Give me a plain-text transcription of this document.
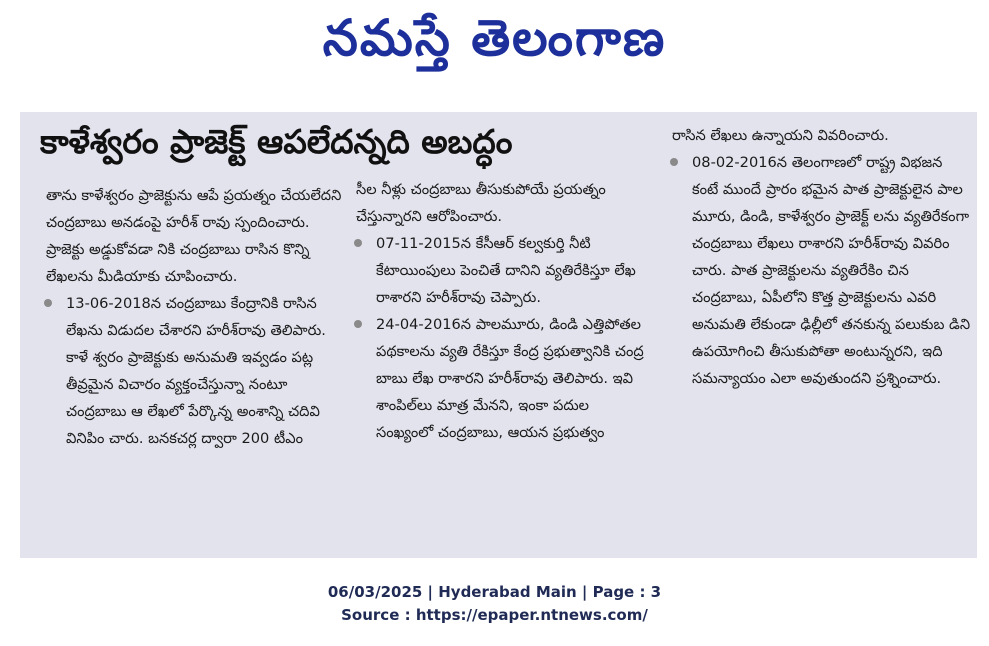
నమస్తే తెలంగాణ
కాళేశ్వరం ప్రాజెక్ట్ ఆపలేదన్నది అబద్ధం

తాను కాళేశ్వరం ప్రాజెక్టును ఆపే ప్రయత్నం చేయలేదని చంద్రబాబు అనడంపై హరీశ్ రావు స్పందించారు. ప్రాజెక్టు అడ్డుకోవడా నికి చంద్రబాబు రాసిన కొన్ని లేఖలను మీడియాకు చూపించారు.

13-06-2018న చంద్రబాబు కేంద్రానికి రాసిన లేఖను విడుదల చేశారని హరీశ్‌రావు తెలిపారు. కాళే శ్వరం ప్రాజెక్టుకు అనుమతి ఇవ్వడం పట్ల తీవ్రమైన విచారం వ్యక్తంచేస్తున్నా నంటూ చంద్రబాబు ఆ లేఖలో పేర్కొన్న అంశాన్ని చదివి వినిపిం చారు. బనకచర్ల ద్వారా 200 టీఎం

సీల నీళ్లు చంద్రబాబు తీసుకుపోయే ప్రయత్నం చేస్తున్నారని ఆరోపించారు.

07-11-2015న కేసీఆర్ కల్వకుర్తి నీటి కేటాయింపులు పెంచితే దానిని వ్యతిరేకిస్తూ లేఖ రాశారని హరీశ్‌రావు చెప్పారు.

24-04-2016న పాలమూరు, డిండి ఎత్తిపోతల పథకాలను వ్యతి రేకిస్తూ కేంద్ర ప్రభుత్వానికి చంద్ర బాబు లేఖ రాశారని హరీశ్‌రావు తెలిపారు. ఇవి శాంపిల్‌లు మాత్ర మేనని, ఇంకా పదుల సంఖ్యంలో చంద్రబాబు, ఆయన ప్రభుత్వం

రాసిన లేఖలు ఉన్నాయని వివరించారు.

08-02-2016న తెలంగాణలో రాష్ట్ర విభజన కంటే ముందే ప్రారం భమైన పాత ప్రాజెక్టులైన పాల మూరు, డిండి, కాళేశ్వరం ప్రాజెక్ట్ లను వ్యతిరేకంగా చంద్రబాబు లేఖలు రాశారని హరీశ్‌రావు వివరిం చారు. పాత ప్రాజెక్టులను వ్యతిరేకిం చిన చంద్రబాబు, ఏపీలోని కొత్త ప్రాజెక్టులను ఎవరి అనుమతి లేకుండా ఢిల్లీలో తనకున్న పలుకుబ డిని ఉపయోగించి తీసుకుపోతా అంటున్నరని, ఇది సమన్యాయం ఎలా అవుతుందని ప్రశ్నించారు.

06/03/2025 | Hyderabad Main | Page : 3
Source : https://epaper.ntnews.com/
